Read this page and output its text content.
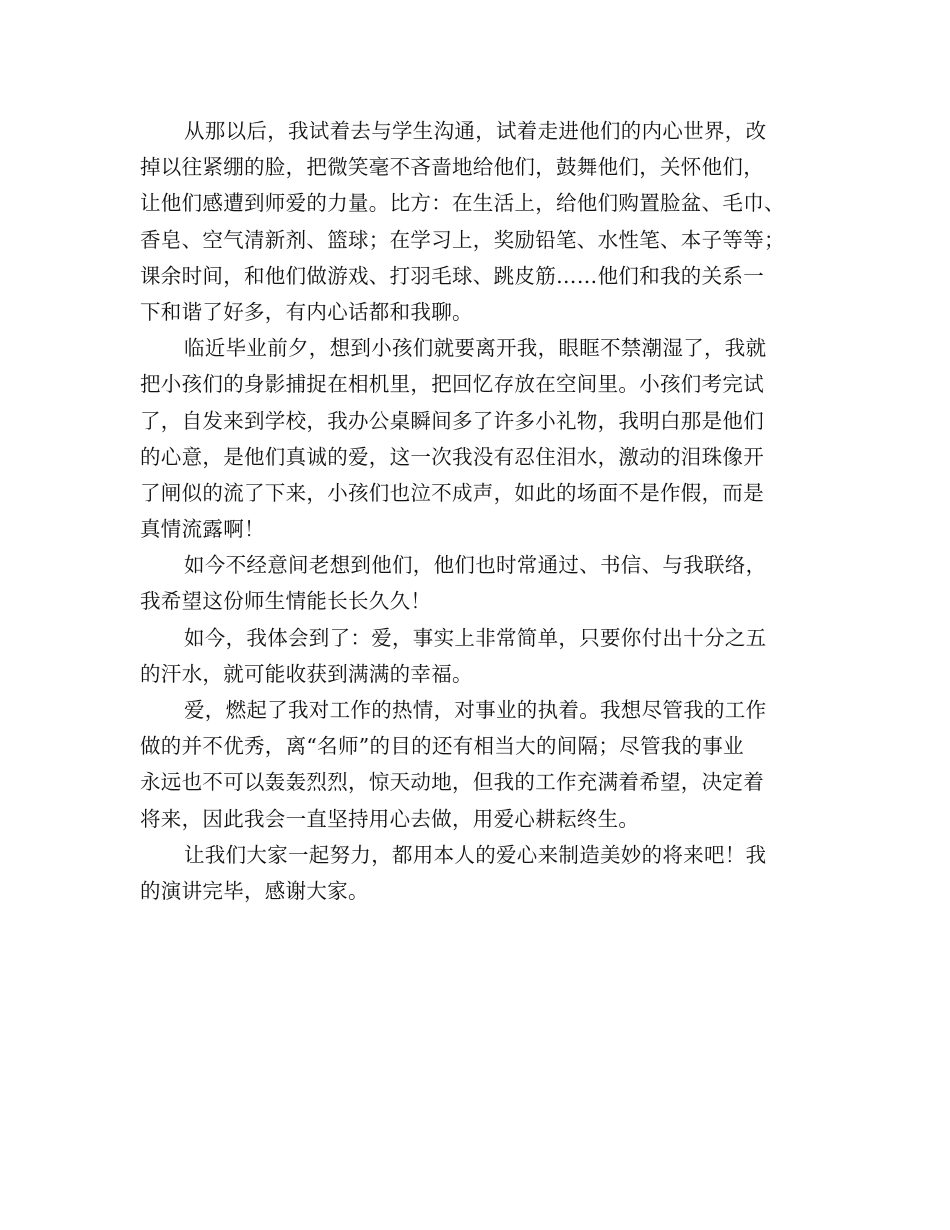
从那以后，我试着去与学生沟通，试着走进他们的内心世界，改
掉以往紧绷的脸，把微笑毫不吝啬地给他们，鼓舞他们，关怀他们，
让他们感遭到师爱的力量。比方：在生活上，给他们购置脸盆、毛巾、
香皂、空气清新剂、篮球；在学习上，奖励铅笔、水性笔、本子等等；
课余时间，和他们做游戏、打羽毛球、跳皮筋……他们和我的关系一
下和谐了好多，有内心话都和我聊。
临近毕业前夕，想到小孩们就要离开我，眼眶不禁潮湿了，我就
把小孩们的身影捕捉在相机里，把回忆存放在空间里。小孩们考完试
了，自发来到学校，我办公桌瞬间多了许多小礼物，我明白那是他们
的心意，是他们真诚的爱，这一次我没有忍住泪水，激动的泪珠像开
了闸似的流了下来，小孩们也泣不成声，如此的场面不是作假，而是
真情流露啊！
如今不经意间老想到他们，他们也时常通过、书信、与我联络，
我希望这份师生情能长长久久！
如今，我体会到了：爱，事实上非常简单，只要你付出十分之五
的汗水，就可能收获到满满的幸福。
爱，燃起了我对工作的热情，对事业的执着。我想尽管我的工作
做的并不优秀，离“名师”的目的还有相当大的间隔；尽管我的事业
永远也不可以轰轰烈烈，惊天动地，但我的工作充满着希望，决定着
将来，因此我会一直坚持用心去做，用爱心耕耘终生。
让我们大家一起努力，都用本人的爱心来制造美妙的将来吧！我
的演讲完毕，感谢大家。
